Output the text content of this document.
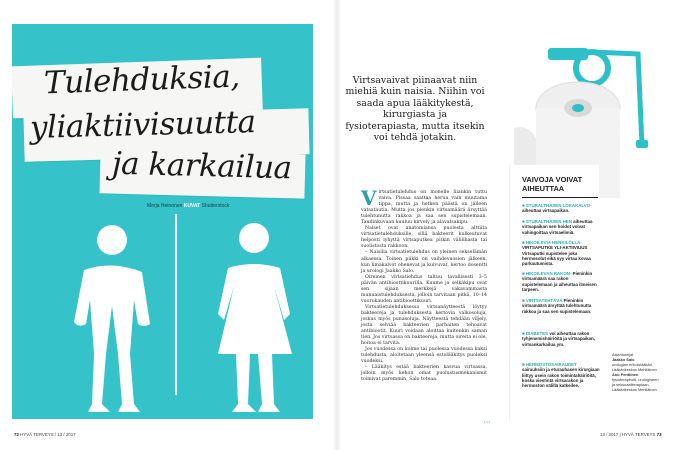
Tulehduksia,
yliaktiivisuutta
ja karkailua
Merja Heinonen KUVAT Shutterstock
Virtsavaivat piinaavat niin miehiä kuin naisia. Niihin voi saada apua lääkitykestä, kirurgiasta ja fysioterapiasta, mutta itsekin voi tehdä jotakin.
V irtsatietulehdus on monelle liiankin tuttu vaiva. Pissaa saattaa herua vain muutama tippa, mutta ja hetken päästä on jälleen vatsatautia. Mutta jos pienkin virtsamäärä ärsyttää tulehtunutta rakkoa ja saa sen supistelemaan. Taudinkuvaan kuuluu kirvely ja alavatsakipu.

Naiset ovat anatomiansa puolesta alttiita virtsatietulehduksille, sillä bakteerit kulkeutuvat helposti lyhyttä virtsaputkea pitkin välilihasta tai suolistosta rakkoon.

– Naisilla virtsatietulehdus on yleinen sekselämän alkaessa. Toinen piikki on vaihdevuosien jälkeen, kun limakalvot ohenevat ja kuivuvat, kertoo dosentti ja urologi Jaakko Salo.

Oireinen virtsatiehdus taltuu tavallisesti 3–5 päivän antibioottikuurilla. Kuume ja selkäkipu ovat sen sijaan merkkejä vakavammasta munuaistulehduksesta, jolloin tarvitaan pitkä, 10–14 vuorokauden antibioottikuuri.

Virtsatietulehduksessa virtsanäytteestä löytyy bakteereja ja tulehduksesta kertovia valkosoluja, joskus myös punasoluja. Näytteestä tehdään viljely, josta selviää bakteerien parhaiten tehoavat antibiootit. Kuuri voidaan aloittaa kuitenkin saman tien. Jos virtsassa on bakteereja, mutta oireita ei ole, hoitoa ei tarvita.

Jos vuodessa on kolme tai puolessa vuodessa kaksi tulehdusta, aloitetaan yleensä estolääkitys puoleksi vuodeksi.

– Lääkitys estää bakteerien kasvua virtsassa, jolloin myös kehon omat puolustusmekanismit toimivat paremmin, Salo toteaa.

•••
VAIVOJA VOIVAT AIHEUTTAA
■ STURALTHASEN LOKAKALVO- aiheuttaa virtsapaikan.
■ STURALTHASEN HEN aiheuttaa virtsapaikan sen hoidot voivat vahingoittaa virtsaelimiä.
■ HIKOILEVIA HENKILÖLLÄ- VIRTSAPUTKE YLI-AKTIIVIUUS Virtsaputki supistelee joka hermosolut eikä syy virtaa kovaa purkautumista.
■ HIKOILEVAN RAKON- Pieninkin virtsamäärä saa rakon supistelemaan ja aiheuttaa ilmeisen tarpeen.
■ VIRTSATEHTÄVÄ Pieninkin virtsamäärä ärsyttää tulehtunutta rakkoa ja saa sen supistelemaan.
■ DIABETES voi aiheuttaa rakon tyhjenemishäiriöitä ja virtsapaikan, virtsankarkailua ym.
■ HERMOSTOSAIRAUDET sairauksiin ja eturauhasen kirurgiaan liittyy usein rakon toimintahäiriöitä, koska viestintä virtsarakon ja hermoston välillä katkeilee.
Asiantuntijat
Jaakko Salo
urologian erikoislääkäri, Lääkärikeskus Mehiläinen
Anu Penttinen
fysioterapeutti, urologiseen ja seksuaaliterapiaan, Lääkärikeskus Mehiläinen
72 HYVÄ TERVEYS / 13 / 2017	13 / 2017 | HYVÄ TERVEYS 73
